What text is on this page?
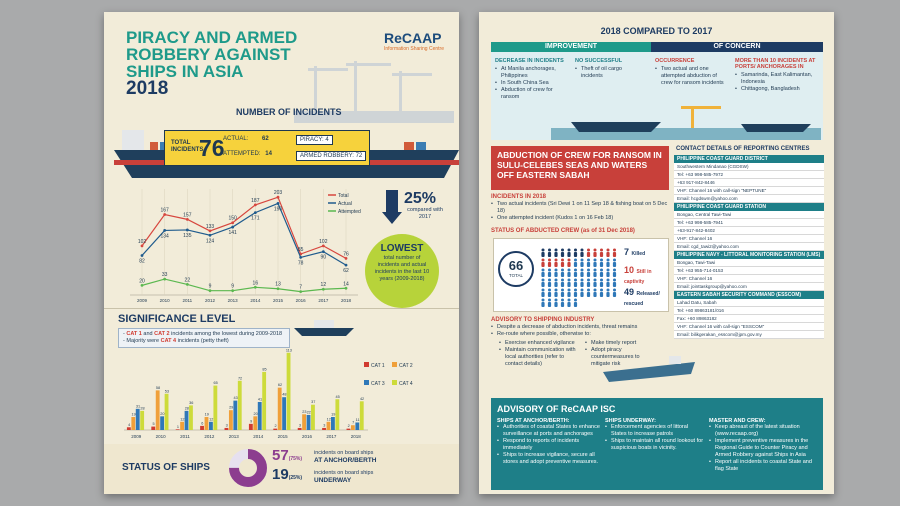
PIRACY AND ARMED ROBBERY AGAINST SHIPS IN ASIA
2018
ReCAAP
Information Sharing Centre
NUMBER OF INCIDENTS
TOTAL INCIDENTS
76
ACTUAL: 62
ATTEMPTED: 14
PIRACY: 4
ARMED ROBBERY: 72
2009	2010	2011	2012	2013	2014	2015	2016	2017	2018
102
167
157
133
150
187
203
85
102
76
82
134	135
124
141
171
190
78
90
62
20
33
22
9	9
16	13	7	12	14
Total
Actual
Attempted
25%
compared with 2017
LOWEST
total number of incidents and actual incidents in the last 10 years (2009-2018)
SIGNIFICANCE LEVEL
- CAT 1 and CAT 2 incidents among the lowest during 2009-2018
- Majority were CAT 4 incidents (petty theft)
2009
4
19
31
28
2010
5
58
20
53
2011
1
12
28
36
2012
6
19
12
65
2013
3
29
43
72
2014
9
20
41
85
2015
2
62
48
113
2016
3
23 22
37
2017
3
12
19
45
2018
2
7
11
42
CAT 1	CAT 2CAT 3	CAT 4
STATUS OF SHIPS
57(75%)
incidents on board ships
AT ANCHOR/BERTH
19(25%)
incidents on board ships
UNDERWAY
2018 COMPARED TO 2017
IMPROVEMENT	OF CONCERN
DECREASE IN INCIDENTS
• At Manila anchorages, Philippines
• In South China Sea
• Abduction of crew for ransom
NO SUCCESSFUL
• Theft of oil cargo incidents
OCCURRENCE
• Two actual and one attempted abduction of crew for ransom incidents
MORE THAN 10 INCIDENTS AT PORTS/ ANCHORAGES IN
• Samarinda, East Kalimantan, Indonesia
• Chittagong, Bangladesh
ABDUCTION OF CREW FOR RANSOM IN SULU-CELEBES SEAS AND WATERS OFF EASTERN SABAH
INCIDENTS IN 2018
• Two actual incidents (Sri Dewi 1 on 11 Sep 18 & fishing boat on 5 Dec 18)
• One attempted incident (Kudos 1 on 16 Feb 18)
STATUS OF ABDUCTED CREW (as of 31 Dec 2018)
66
TOTAL
7 Killed
10 Still in captivity
49 Released/ rescued
ADVISORY TO SHIPPING INDUSTRY
• Despite a decrease of abduction incidents, threat remains
• Re-route where possible, otherwise to:
• Exercise enhanced vigilance
• Maintain communication with local authorities (refer to contact details)
• Make timely report
• Adopt piracy countermeasures to mitigate risk
CONTACT DETAILS OF REPORTING CENTRES
PHILIPPINE COAST GUARD DISTRICT
Southwestern Mindanao (CGDSW)
Tel: +63 998-585-7972
+63 917-842-8446
VHF: Channel 16 with call-sign "NEPTUNE"
Email: hcgdswm@yahoo.com
PHILIPPINE COAST GUARD STATION
Bongao, Central Tawi-Tawi
Tel: +63 998-585-7941
+63-917-842-8402
VHF: Channel 16
Email: cgd_tawi2@yahoo.com
PHILIPPINE NAVY - LITTORAL MONITORING STATION (LMS)
Bongao, Tawi-Tawi
Tel: +63 955-714-0153
VHF: Channel 16
Email: jointtaskgroup@yahoo.com
EASTERN SABAH SECURITY COMMAND (ESSCOM)
Lahad Datu, Sabah
Tel: +60 89863181/016
Fax: +60 89863182
VHF: Channel 16 with call-sign "ESSCOM"
Email: bilikgerakan_esscom@jpm.gov.my
ADVISORY OF ReCAAP ISC
SHIPS AT ANCHOR/BERTH:
• Authorities of coastal States to enhance surveillance at ports and anchorages
• Respond to reports of incidents immediately
• Ships to increase vigilance, secure all stores and adopt preventive measures.
SHIPS UNDERWAY:
• Enforcement agencies of littoral States to increase patrols
• Ships to maintain all round lookout for suspicious boats in vicinity.
MASTER AND CREW:
• Keep abreast of the latest situation (www.recaap.org)
• Implement preventive measures in the Regional Guide to Counter Piracy and Armed Robbery against Ships in Asia
• Report all incidents to coastal State and flag State
